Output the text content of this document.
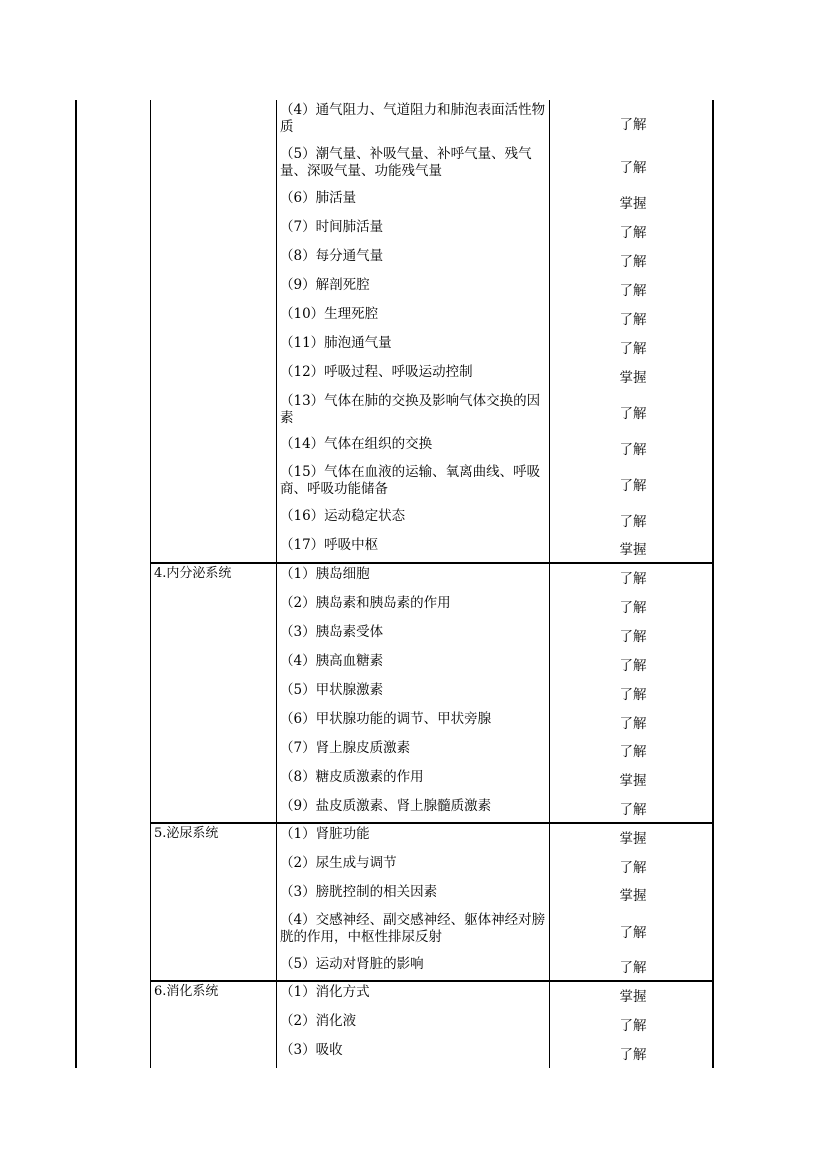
（4）通气阻力、气道阻力和肺泡表面活性物质	了解
（5）潮气量、补吸气量、补呼气量、残气量、深吸气量、功能残气量	了解
（6）肺活量	掌握
（7）时间肺活量	了解
（8）每分通气量	了解
（9）解剖死腔	了解
（10）生理死腔	了解
（11）肺泡通气量	了解
（12）呼吸过程、呼吸运动控制	掌握
（13）气体在肺的交换及影响气体交换的因素	了解
（14）气体在组织的交换	了解
（15）气体在血液的运输、氧离曲线、呼吸商、呼吸功能储备	了解
（16）运动稳定状态	了解
（17）呼吸中枢	掌握
4.内分泌系统	（1）胰岛细胞	了解
（2）胰岛素和胰岛素的作用	了解
（3）胰岛素受体	了解
（4）胰高血糖素	了解
（5）甲状腺激素	了解
（6）甲状腺功能的调节、甲状旁腺	了解
（7）肾上腺皮质激素	了解
（8）糖皮质激素的作用	掌握
（9）盐皮质激素、肾上腺髓质激素	了解
5.泌尿系统	（1）肾脏功能	掌握
（2）尿生成与调节	了解
（3）膀胱控制的相关因素	掌握
（4）交感神经、副交感神经、躯体神经对膀胱的作用，中枢性排尿反射	了解
（5）运动对肾脏的影响	了解
6.消化系统	（1）消化方式	掌握
（2）消化液	了解
（3）吸收	了解
